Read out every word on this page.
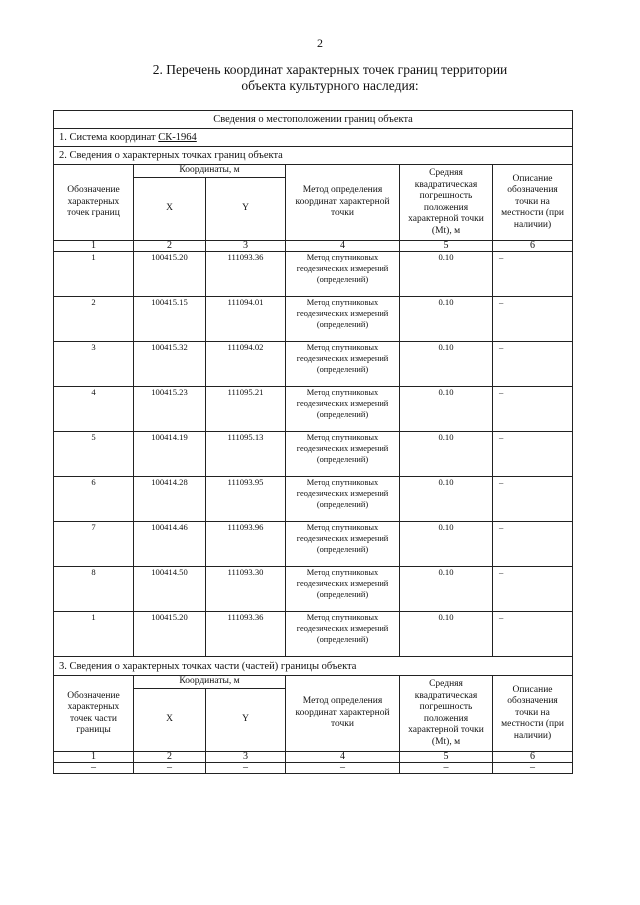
2
2. Перечень координат характерных точек границ территории
объекта культурного наследия:
Сведения о местоположении границ объекта					
1. Система координат СК-1964					
2. Сведения о характерных точках границ объекта					
Обозначение характерных точек границ	Координаты, м		Метод определения координат характерной точки	Средняя квадратическая погрешность положения характерной точки (Mt), м	Описание обозначения точки на местности (при наличии)
	X	Y			
1	2	3	4	5	6
1	100415.20	111093.36	Метод спутниковых геодезических измерений (определений)	0.10	–
2	100415.15	111094.01	Метод спутниковых геодезических измерений (определений)	0.10	–
3	100415.32	111094.02	Метод спутниковых геодезических измерений (определений)	0.10	–
4	100415.23	111095.21	Метод спутниковых геодезических измерений (определений)	0.10	–
5	100414.19	111095.13	Метод спутниковых геодезических измерений (определений)	0.10	–
6	100414.28	111093.95	Метод спутниковых геодезических измерений (определений)	0.10	–
7	100414.46	111093.96	Метод спутниковых геодезических измерений (определений)	0.10	–
8	100414.50	111093.30	Метод спутниковых геодезических измерений (определений)	0.10	–
1	100415.20	111093.36	Метод спутниковых геодезических измерений (определений)	0.10	–
3. Сведения о характерных точках части (частей) границы объекта					
Обозначение характерных точек части границы	Координаты, м		Метод определения координат характерной точки	Средняя квадратическая погрешность положения характерной точки (Mt), м	Описание обозначения точки на местности (при наличии)
	X	Y			
1	2	3	4	5	6
–	–	–	–	–	–
